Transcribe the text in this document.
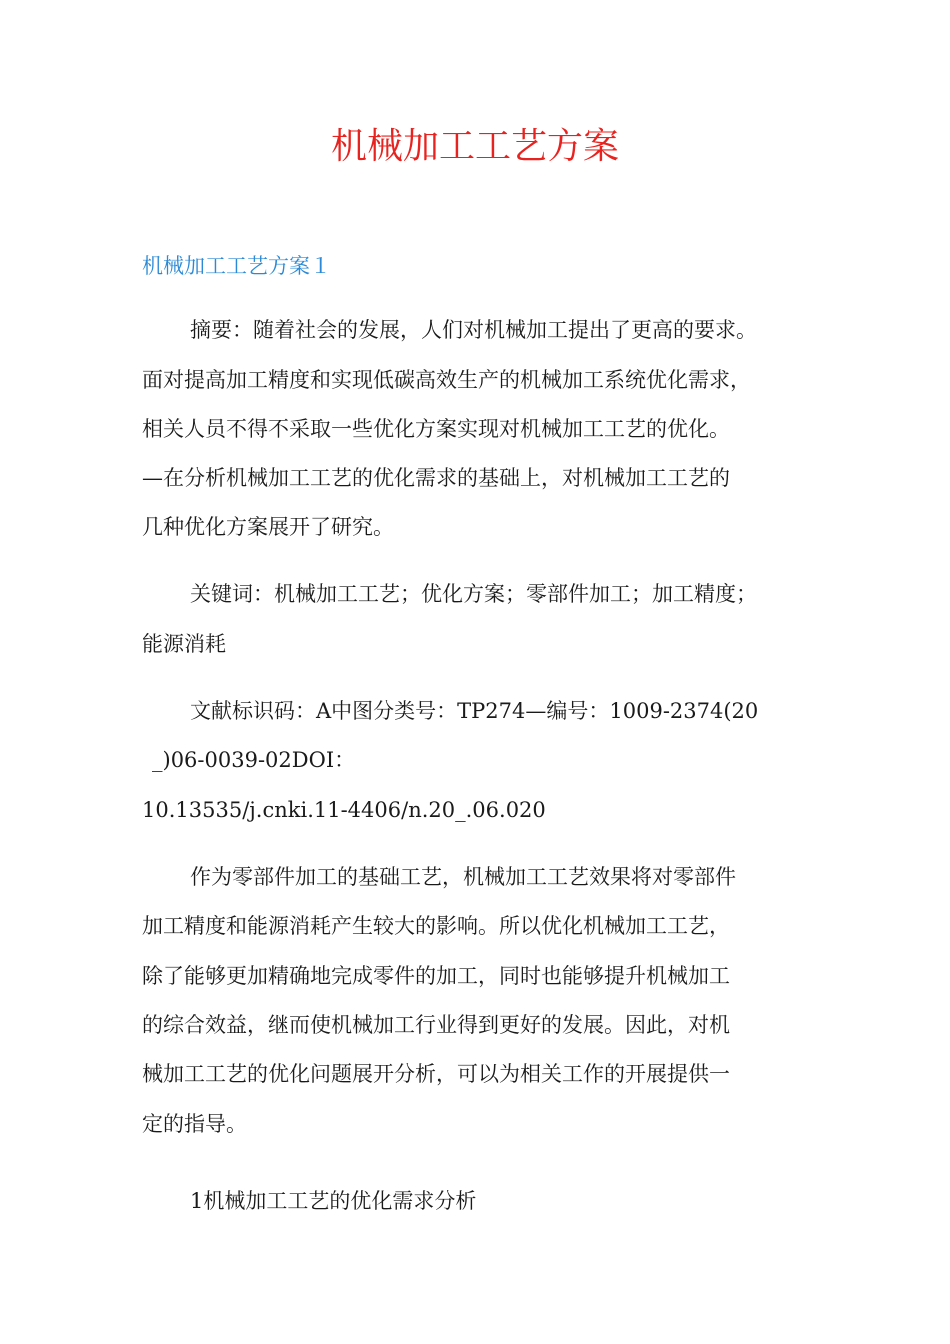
机械加工工艺方案
机械加工工艺方案１

摘要：随着社会的发展，人们对机械加工提出了更高的要求。

面对提高加工精度和实现低碳高效生产的机械加工系统优化需求，

相关人员不得不采取一些优化方案实现对机械加工工艺的优化。

—在分析机械加工工艺的优化需求的基础上，对机械加工工艺的

几种优化方案展开了研究。

关键词：机械加工工艺；优化方案；零部件加工；加工精度；

能源消耗

文献标识码：A中图分类号：TP274—编号：1009-2374(20

_)06-0039-02DOI：

10.13535/j.cnki.11-4406/n.20_.06.020

作为零部件加工的基础工艺，机械加工工艺效果将对零部件

加工精度和能源消耗产生较大的影响。所以优化机械加工工艺，

除了能够更加精确地完成零件的加工，同时也能够提升机械加工

的综合效益，继而使机械加工行业得到更好的发展。因此，对机

械加工工艺的优化问题展开分析，可以为相关工作的开展提供一

定的指导。

1机械加工工艺的优化需求分析
